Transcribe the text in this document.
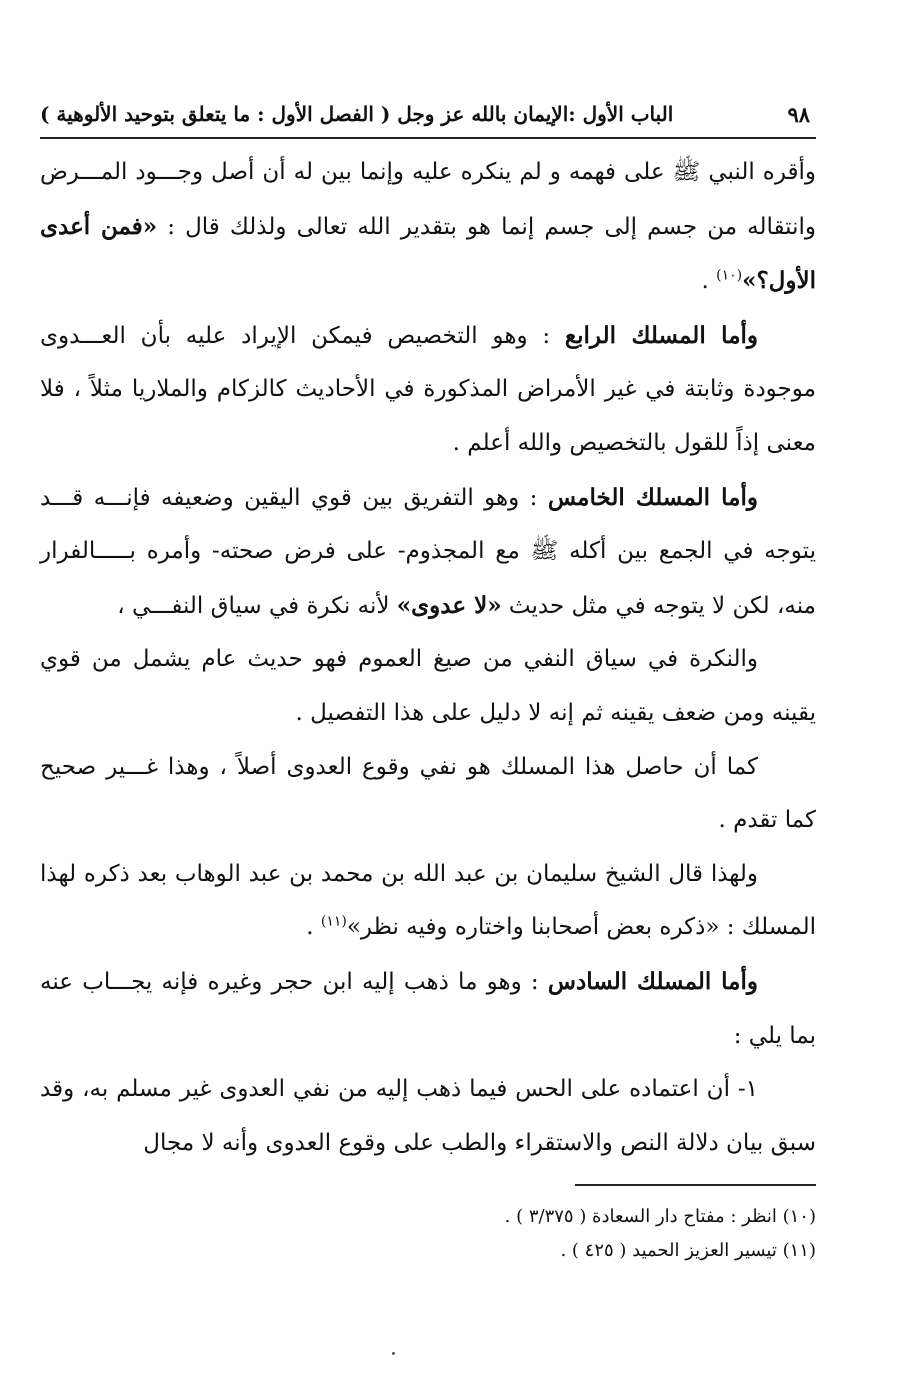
٩٨
الباب الأول :الإيمان بالله عز وجل ( الفصل الأول : ما يتعلق بتوحيد الألوهية )

وأقره النبي ﷺ على فهمه و لم ينكره عليه وإنما بين له أن أصل وجـــود المـــرض وانتقاله من جسم إلى جسم إنما هو بتقدير الله تعالى ولذلك قال : «فمن أعدى الأول؟»$^{(١٠)}$ .

وأما المسلك الرابع : وهو التخصيص فيمكن الإيراد عليه بأن العـــدوى موجودة وثابتة في غير الأمراض المذكورة في الأحاديث كالزكام والملاريا مثلاً ، فلا معنى إذاً للقول بالتخصيص والله أعلم .

وأما المسلك الخامس : وهو التفريق بين قوي اليقين وضعيفه فإنـــه قـــد يتوجه في الجمع بين أكله ﷺ مع المجذوم- على فرض صحته- وأمره بـــــالفرار منه، لكن لا يتوجه في مثل حديث «لا عدوى» لأنه نكرة في سياق النفـــي ،

والنكرة في سياق النفي من صيغ العموم فهو حديث عام يشمل من قوي يقينه ومن ضعف يقينه ثم إنه لا دليل على هذا التفصيل .

كما أن حاصل هذا المسلك هو نفي وقوع العدوى أصلاً ، وهذا غـــير صحيح كما تقدم .

ولهذا قال الشيخ سليمان بن عبد الله بن محمد بن عبد الوهاب بعد ذكره لهذا المسلك : «ذكره بعض أصحابنا واختاره وفيه نظر»$^{(١١)}$ .

وأما المسلك السادس : وهو ما ذهب إليه ابن حجر وغيره فإنه يجـــاب عنه بما يلي :

١- أن اعتماده على الحس فيما ذهب إليه من نفي العدوى غير مسلم به، وقد سبق بيان دلالة النص والاستقراء والطب على وقوع العدوى وأنه لا مجال

(١٠) انظر : مفتاح دار السعادة ( ٣/٣٧٥ ) .

(١١) تيسير العزيز الحميد ( ٤٢٥ ) .
